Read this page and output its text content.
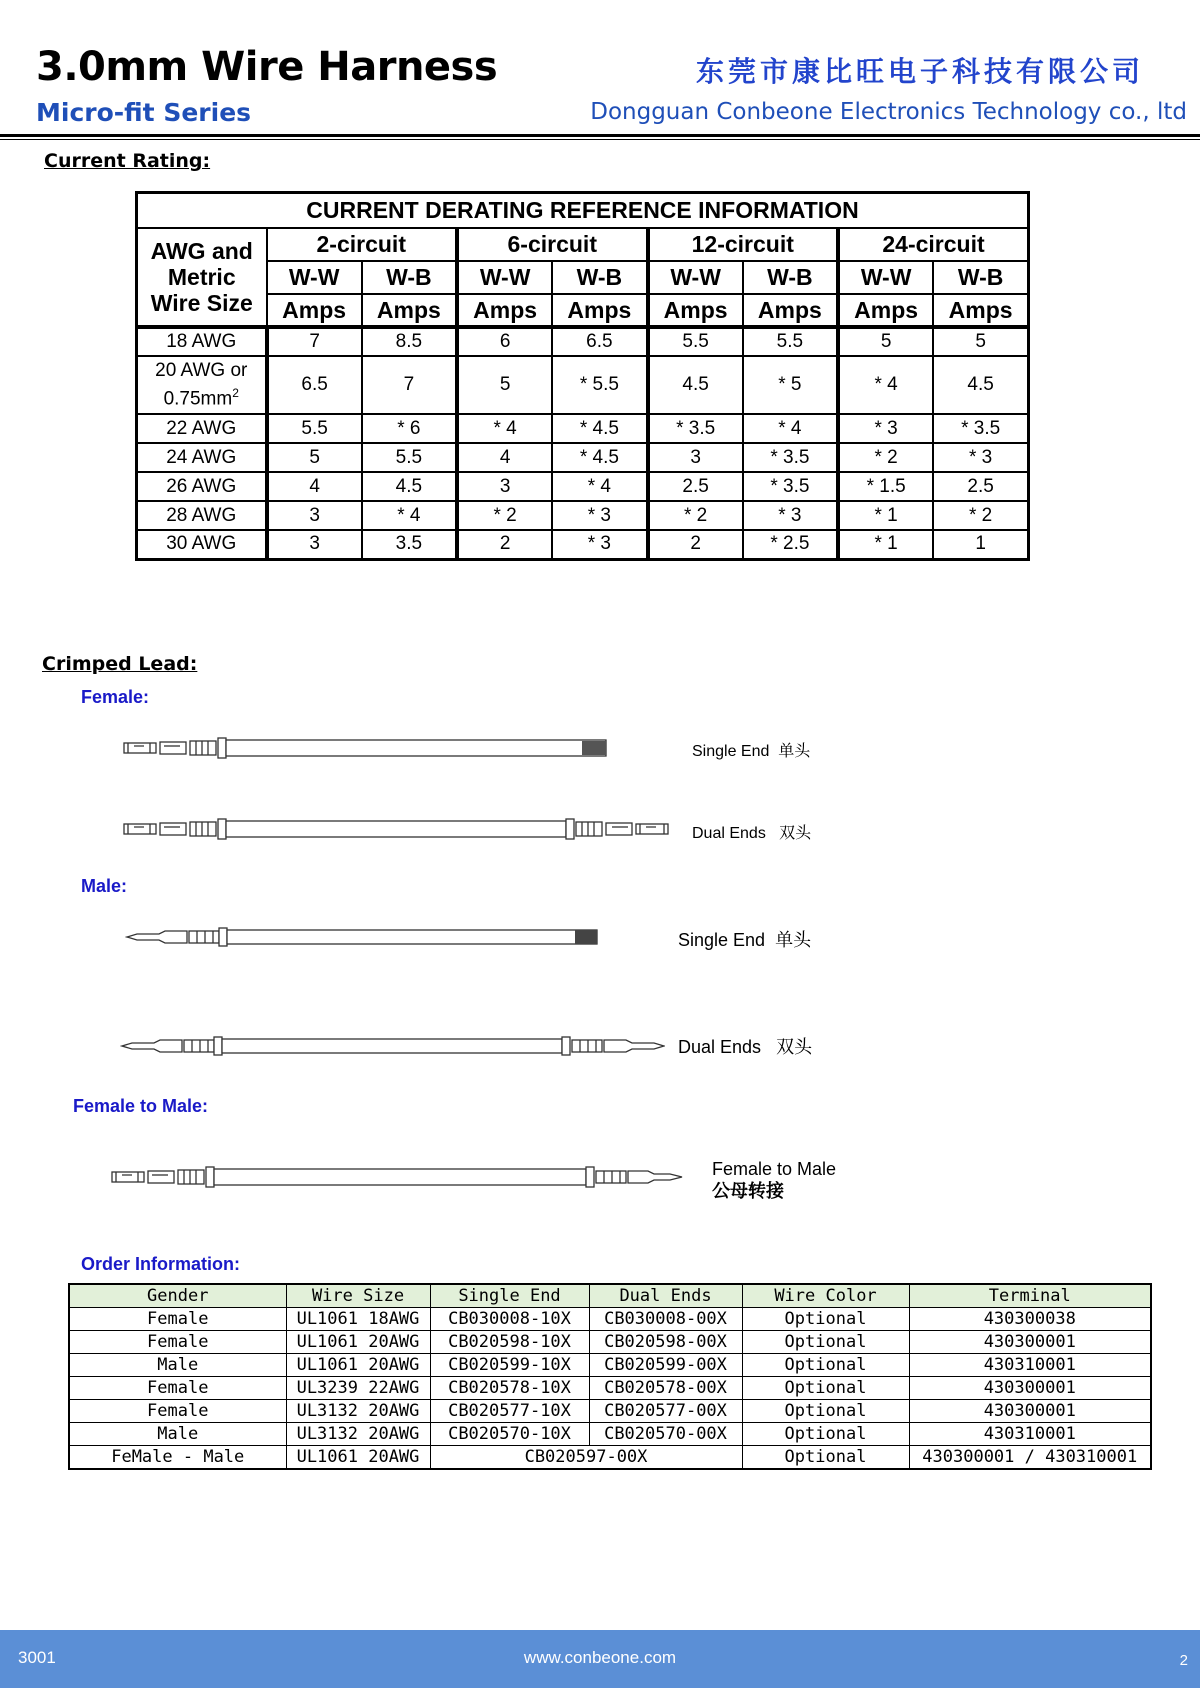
3.0mm Wire Harness
Micro-fit Series
东莞市康比旺电子科技有限公司
Dongguan Conbeone Electronics Technology co., ltd
Current Rating:
CURRENT DERATING REFERENCE INFORMATION								
AWG and
Metric
Wire Size	2-circuit		6-circuit		12-circuit		24-circuit	
	W-W	W-B	W-W	W-B	W-W	W-B	W-W	W-B
	Amps	Amps	Amps	Amps	Amps	Amps	Amps	Amps
18 AWG	7	8.5	6	6.5	5.5	5.5	5	5
20 AWG or
$0.75mm^2$	6.5	7	5	* 5.5	4.5	* 5	* 4	4.5
22 AWG	5.5	* 6	* 4	* 4.5	* 3.5	* 4	* 3	* 3.5
24 AWG	5	5.5	4	* 4.5	3	* 3.5	* 2	* 3
26 AWG	4	4.5	3	* 4	2.5	* 3.5	* 1.5	2.5
28 AWG	3	* 4	* 2	* 3	* 2	* 3	* 1	* 2
30 AWG	3	3.5	2	* 3	2	* 2.5	* 1	1
Crimped Lead:
Female:
Single End 单头
Dual Ends 双头
Male:
Single End 单头
Dual Ends 双头
Female to Male:
Female to Male
公母转接
Order Information:
Gender	Wire Size	Single End	Dual Ends	Wire Color	Terminal
Female	UL1061 18AWG	CB030008-10X	CB030008-00X	Optional	430300038
Female	UL1061 20AWG	CB020598-10X	CB020598-00X	Optional	430300001
Male	UL1061 20AWG	CB020599-10X	CB020599-00X	Optional	430310001
Female	UL3239 22AWG	CB020578-10X	CB020578-00X	Optional	430300001
Female	UL3132 20AWG	CB020577-10X	CB020577-00X	Optional	430300001
Male	UL3132 20AWG	CB020570-10X	CB020570-00X	Optional	430310001
FeMale - Male	UL1061 20AWG	CB020597-00X		Optional	430300001 / 430310001
3001	www.conbeone.com	2
